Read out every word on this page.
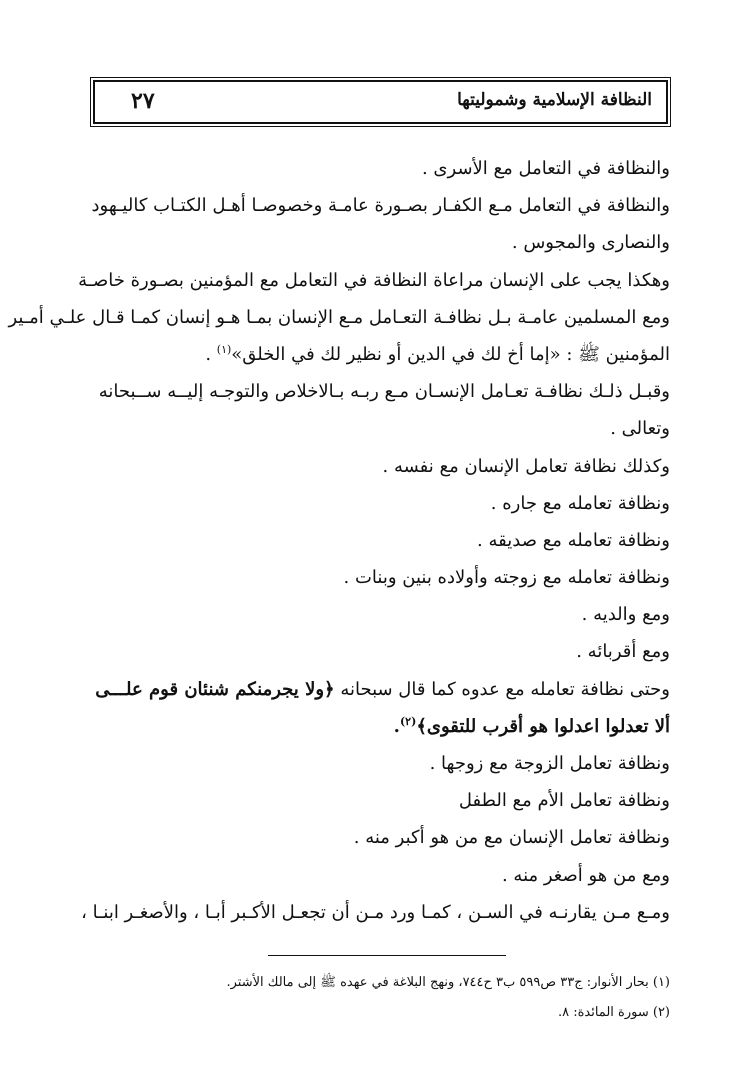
النظافة الإسلامية وشموليتها
٢٧
والنظافة في التعامل مع الأسرى .
والنظافة في التعامل مـع الكفـار بصـورة عامـة وخصوصـا أهـل الكتـاب كاليـهود
والنصارى والمجوس .
وهكذا يجب على الإنسان مراعاة النظافة في التعامل مع المؤمنين بصـورة خاصـة
ومع المسلمين عامـة بـل نظافـة التعـامل مـع الإنسان بمـا هـو إنسان كمـا قـال علـي أمـير
المؤمنين ﷺ : «إما أخ لك في الدين أو نظير لك في الخلق»$^{(١)}$ .
وقبـل ذلـك نظافـة تعـامل الإنسـان مـع ربـه بـالاخلاص والتوجـه إليــه ســبحانه
وتعالى .
وكذلك نظافة تعامل الإنسان مع نفسه .
ونظافة تعامله مع جاره .
ونظافة تعامله مع صديقه .
ونظافة تعامله مع زوجته وأولاده بنين وبنات .
ومع والديه .
ومع أقربائه .
وحتى نظافة تعامله مع عدوه كما قال سبحانه ﴿ولا يجرمنكم شنئان قوم علـــى
ألا تعدلوا اعدلوا هو أقرب للتقوى﴾$^{(٢)}$.
ونظافة تعامل الزوجة مع زوجها .
ونظافة تعامل الأم مع الطفل
ونظافة تعامل الإنسان مع من هو أكبر منه .
ومع من هو أصغر منه .
ومـع مـن يقارنـه في السـن ، كمـا ورد مـن أن تجعـل الأكـبر أبـا ، والأصغـر ابنـا ،
(١) بحار الأنوار: ج٣٣ ص٥٩٩ ب٣ ح٧٤٤، ونهج البلاغة في عهده ﷺ إلى مالك الأشتر.
(٢) سورة المائدة: ٨.
